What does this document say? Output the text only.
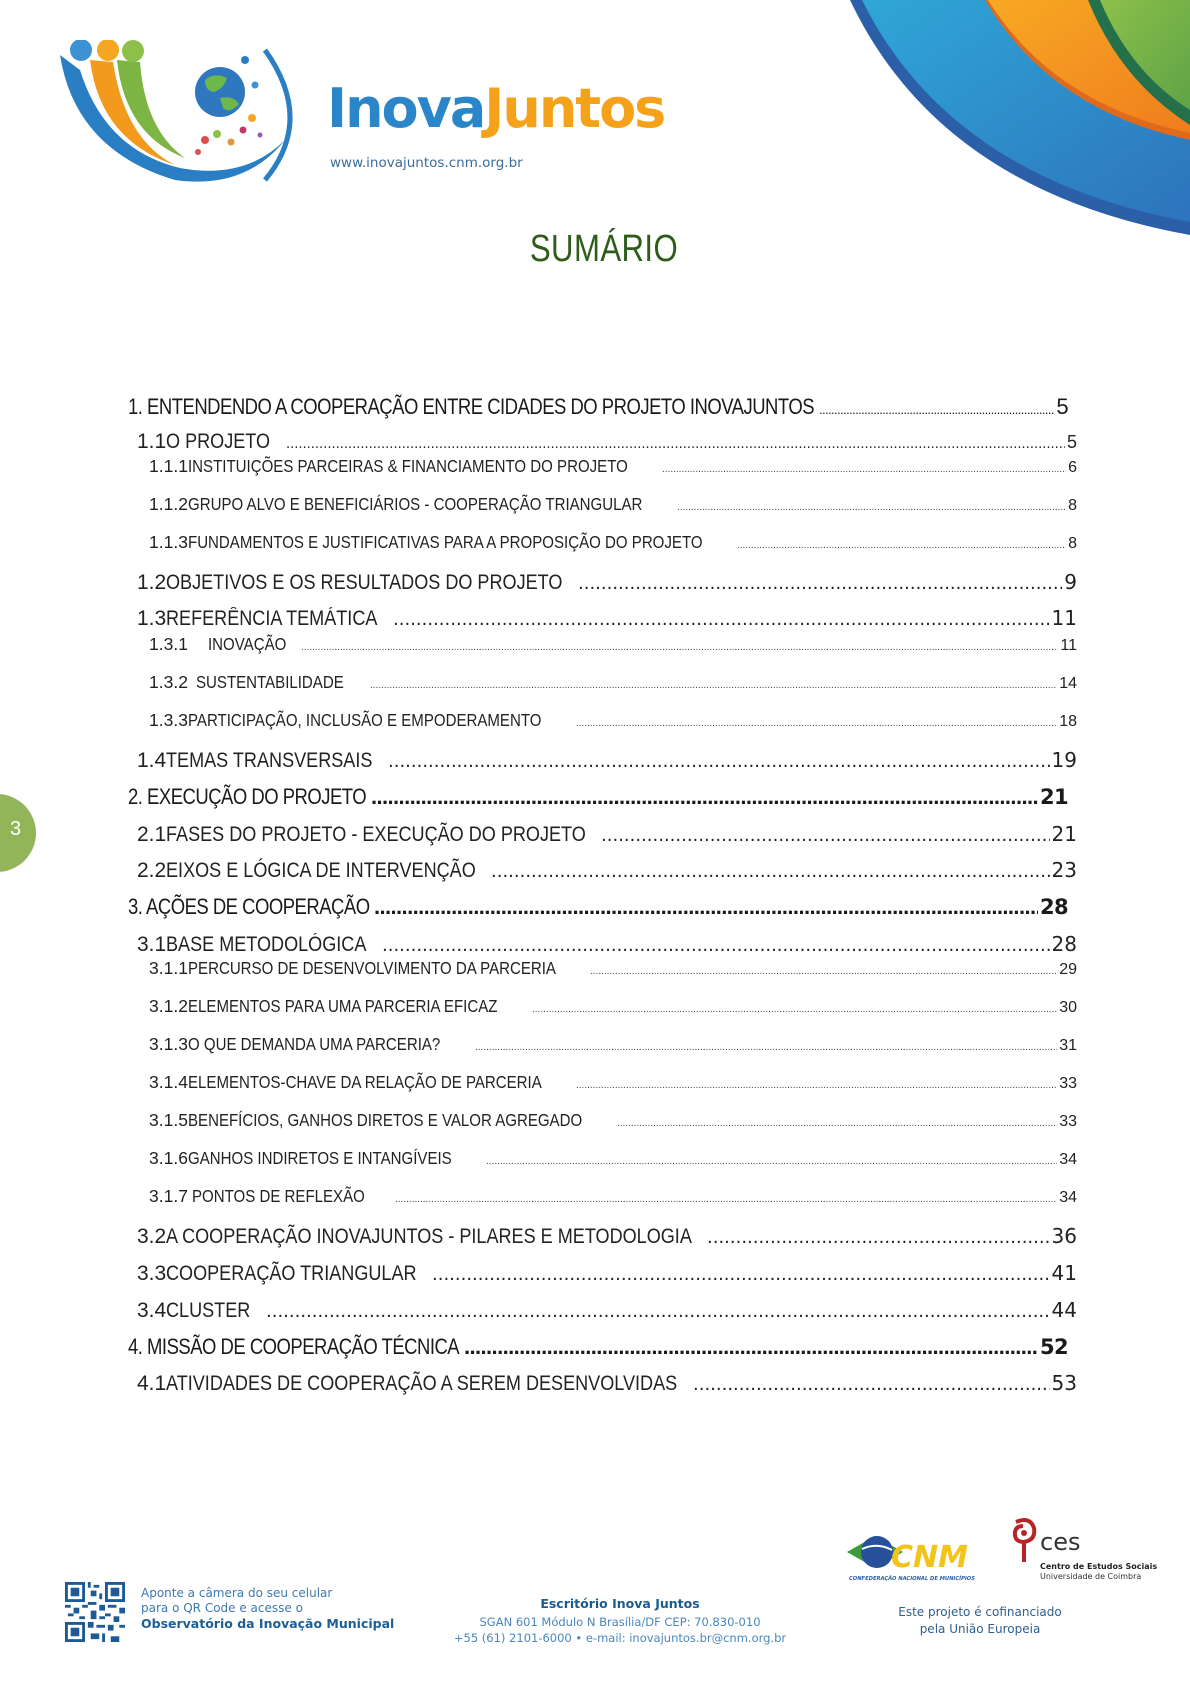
InovaJuntos
www.inovajuntos.cnm.org.br
SUMÁRIO
1. ENTENDENDO A COOPERAÇÃO ENTRE CIDADES DO PROJETO INOVAJUNTOS .....	5
1.1 O PROJETO .....	5
1.1.1 INSTITUIÇÕES PARCEIRAS & FINANCIAMENTO DO PROJETO .....	6
1.1.2 GRUPO ALVO E BENEFICIÁRIOS - COOPERAÇÃO TRIANGULAR .....	8
1.1.3 FUNDAMENTOS E JUSTIFICATIVAS PARA A PROPOSIÇÃO DO PROJETO .....	8
1.2 OBJETIVOS E OS RESULTADOS DO PROJETO .....	9
1.3 REFERÊNCIA TEMÁTICA .....	11
1.3.1	INOVAÇÃO .....	11
1.3.2 SUSTENTABILIDADE .....	14
1.3.3 PARTICIPAÇÃO, INCLUSÃO E EMPODERAMENTO .....	18
1.4 TEMAS TRANSVERSAIS .....	19
2. EXECUÇÃO DO PROJETO .....	21
2.1 FASES DO PROJETO - EXECUÇÃO DO PROJETO .....	21
2.2 EIXOS E LÓGICA DE INTERVENÇÃO .....	23
3. AÇÕES DE COOPERAÇÃO .....	28
3.1 BASE METODOLÓGICA .....	28
3.1.1 PERCURSO DE DESENVOLVIMENTO DA PARCERIA .....	29
3.1.2 ELEMENTOS PARA UMA PARCERIA EFICAZ .....	30
3.1.3 O QUE DEMANDA UMA PARCERIA? .....	31
3.1.4 ELEMENTOS-CHAVE DA RELAÇÃO DE PARCERIA .....	33
3.1.5 BENEFÍCIOS, GANHOS DIRETOS E VALOR AGREGADO .....	33
3.1.6 GANHOS INDIRETOS E INTANGÍVEIS .....	34
3.1.7 PONTOS DE REFLEXÃO .....	34
3.2 A COOPERAÇÃO INOVAJUNTOS - PILARES E METODOLOGIA .....	36
3.3 COOPERAÇÃO TRIANGULAR .....	41
3.4 CLUSTER .....	44
4. MISSÃO DE COOPERAÇÃO TÉCNICA .....	52
4.1 ATIVIDADES DE COOPERAÇÃO A SEREM DESENVOLVIDAS .....	53
3
Aponte a câmera do seu celular
para o QR Code e acesse o
Observatório da Inovação Municipal
Escritório Inova Juntos
SGAN 601 Módulo N Brasília/DF CEP: 70.830-010
+55 (61) 2101-6000 • e-mail: inovajuntos.br@cnm.org.br
CNM
CONFEDERAÇÃO NACIONAL DE MUNICÍPIOS
ces
Centro de Estudos Sociais
Universidade de Coimbra
Este projeto é cofinanciado
pela União Europeia
